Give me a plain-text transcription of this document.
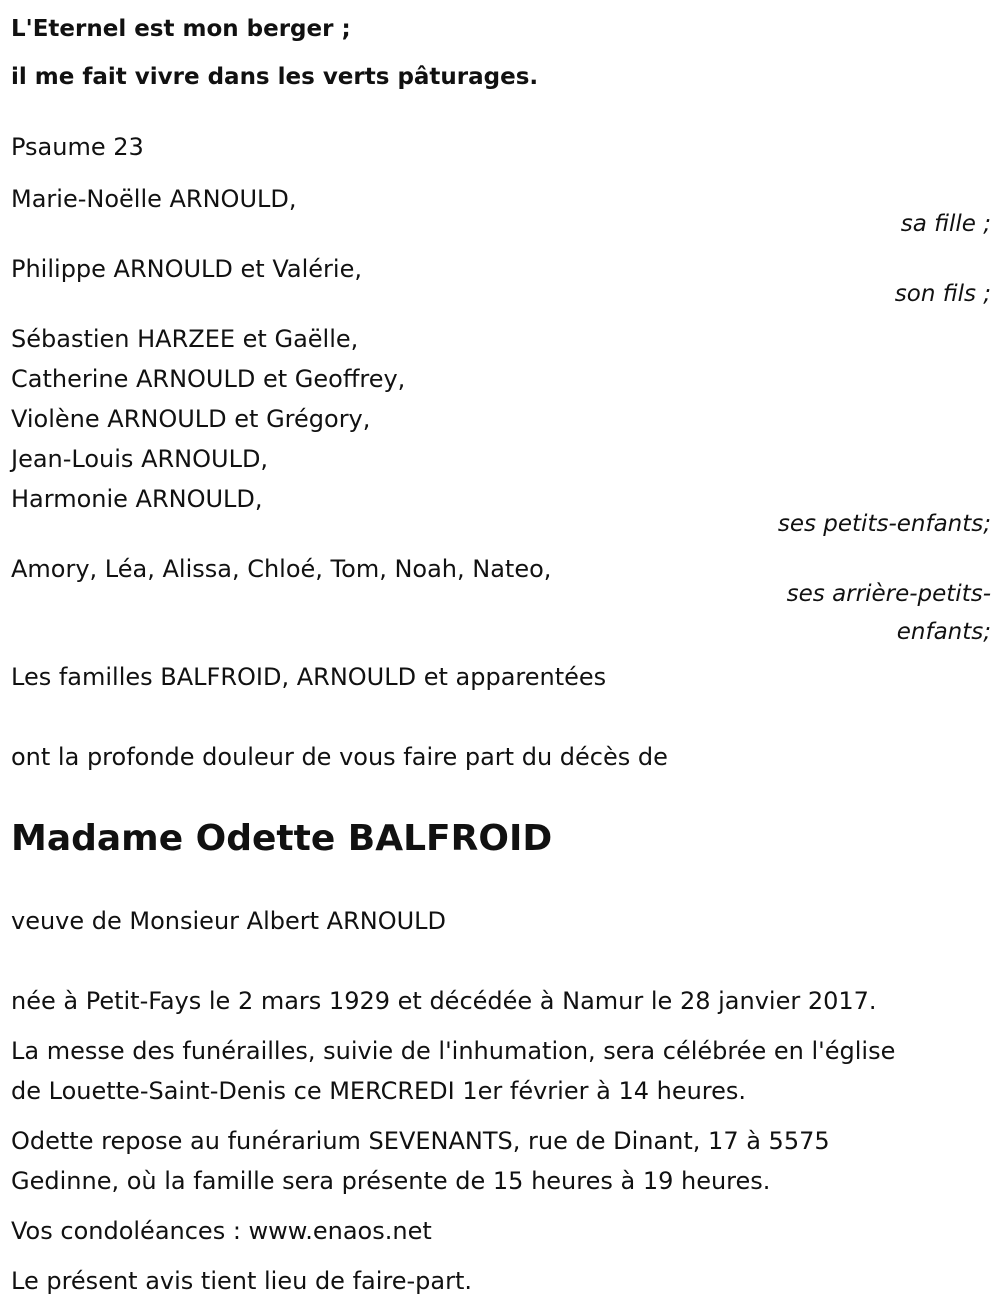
L'Eternel est mon berger ;

il me fait vivre dans les verts pâturages.

Psaume 23

Marie-Noëlle ARNOULD,

sa fille ;

Philippe ARNOULD et Valérie,

son fils ;

Sébastien HARZEE et Gaëlle,

Catherine ARNOULD et Geoffrey,

Violène ARNOULD et Grégory,

Jean-Louis ARNOULD,

Harmonie ARNOULD,

ses petits-enfants;

Amory, Léa, Alissa, Chloé, Tom, Noah, Nateo,

ses arrière-petits-

enfants;

Les familles BALFROID, ARNOULD et apparentées

ont la profonde douleur de vous faire part du décès de

Madame Odette BALFROID

veuve de Monsieur Albert ARNOULD

née à Petit-Fays le 2 mars 1929 et décédée à Namur le 28 janvier 2017.

La messe des funérailles, suivie de l'inhumation, sera célébrée en l'église

de Louette-Saint-Denis ce MERCREDI 1er février à 14 heures.

Odette repose au funérarium SEVENANTS, rue de Dinant, 17 à 5575

Gedinne, où la famille sera présente de 15 heures à 19 heures.

Vos condoléances : www.enaos.net

Le présent avis tient lieu de faire-part.
